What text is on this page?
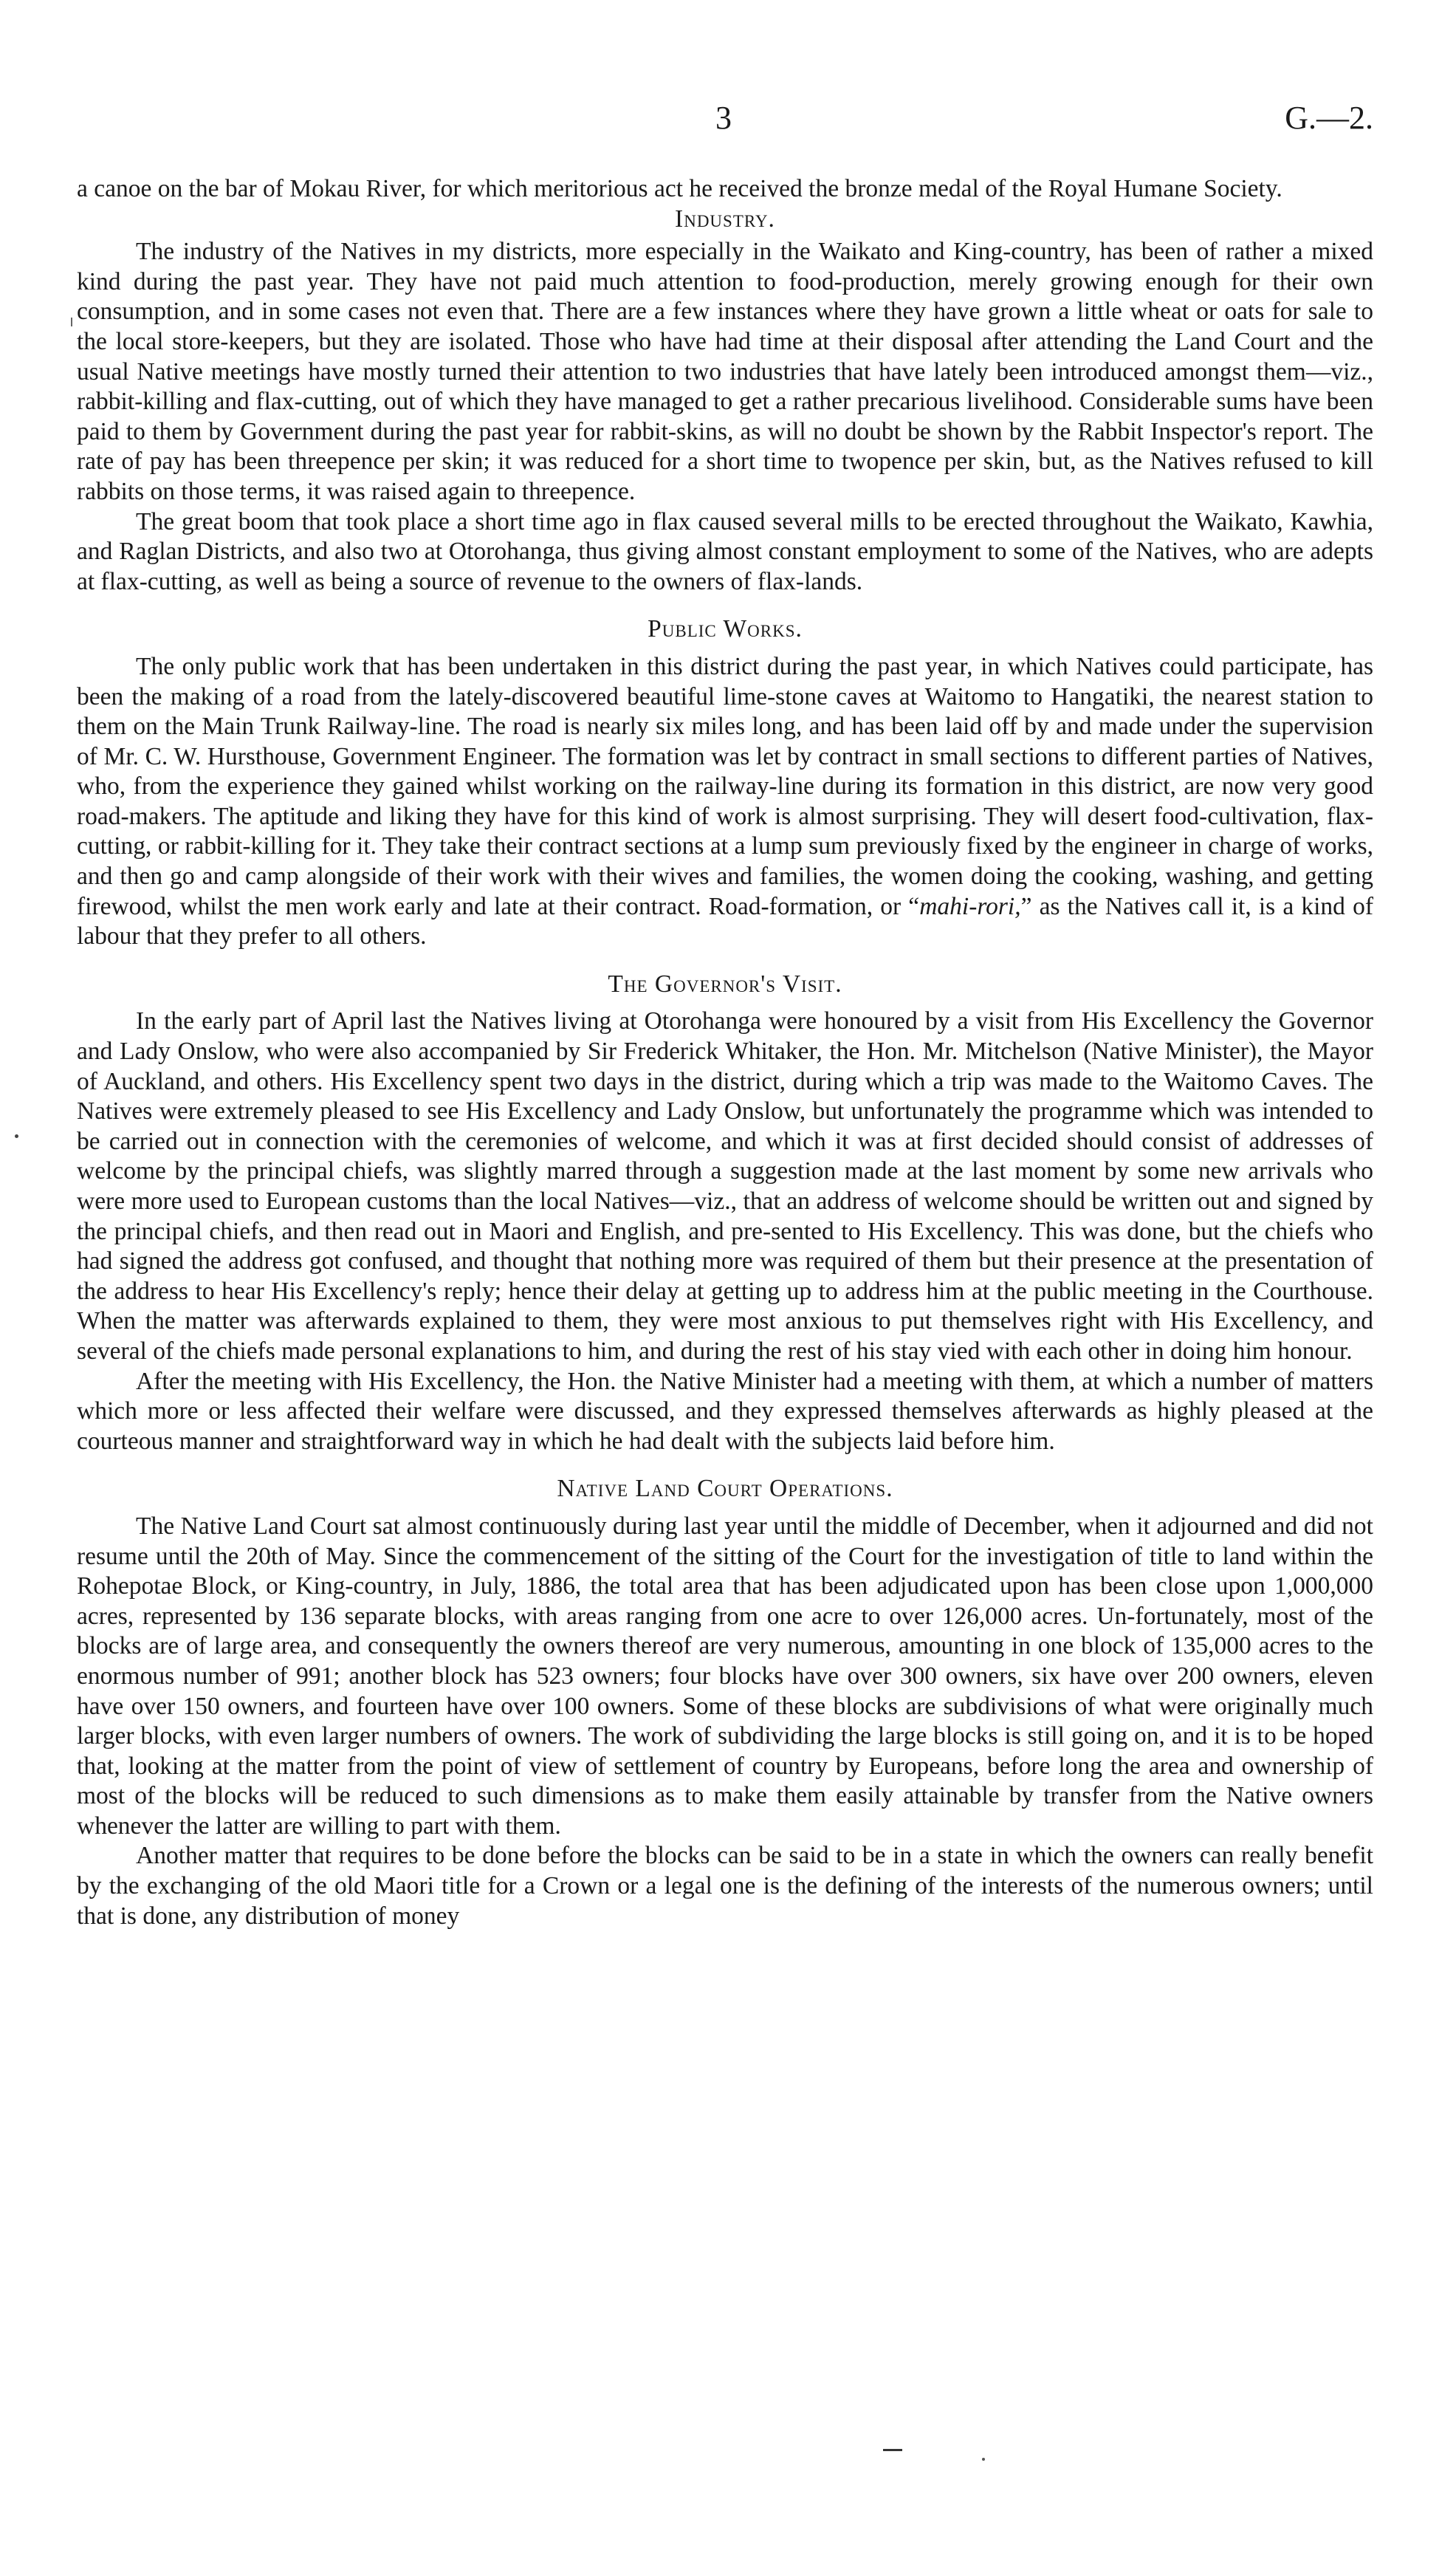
3	G.—2.

a canoe on the bar of Mokau River, for which meritorious act he received the bronze medal of the Royal Humane Society.

Industry.

The industry of the Natives in my districts, more especially in the Waikato and King-country, has been of rather a mixed kind during the past year. They have not paid much attention to food-production, merely growing enough for their own consumption, and in some cases not even that. There are a few instances where they have grown a little wheat or oats for sale to the local store-keepers, but they are isolated. Those who have had time at their disposal after attending the Land Court and the usual Native meetings have mostly turned their attention to two industries that have lately been introduced amongst them—viz., rabbit-killing and flax-cutting, out of which they have managed to get a rather precarious livelihood. Considerable sums have been paid to them by Government during the past year for rabbit-skins, as will no doubt be shown by the Rabbit Inspector's report. The rate of pay has been threepence per skin; it was reduced for a short time to twopence per skin, but, as the Natives refused to kill rabbits on those terms, it was raised again to threepence.

The great boom that took place a short time ago in flax caused several mills to be erected throughout the Waikato, Kawhia, and Raglan Districts, and also two at Otorohanga, thus giving almost constant employment to some of the Natives, who are adepts at flax-cutting, as well as being a source of revenue to the owners of flax-lands.

Public Works.

The only public work that has been undertaken in this district during the past year, in which Natives could participate, has been the making of a road from the lately-discovered beautiful lime-stone caves at Waitomo to Hangatiki, the nearest station to them on the Main Trunk Railway-line. The road is nearly six miles long, and has been laid off by and made under the supervision of Mr. C. W. Hursthouse, Government Engineer. The formation was let by contract in small sections to different parties of Natives, who, from the experience they gained whilst working on the railway-line during its formation in this district, are now very good road-makers. The aptitude and liking they have for this kind of work is almost surprising. They will desert food-cultivation, flax-cutting, or rabbit-killing for it. They take their contract sections at a lump sum previously fixed by the engineer in charge of works, and then go and camp alongside of their work with their wives and families, the women doing the cooking, washing, and getting firewood, whilst the men work early and late at their contract. Road-formation, or “mahi-rori,” as the Natives call it, is a kind of labour that they prefer to all others.

The Governor's Visit.

In the early part of April last the Natives living at Otorohanga were honoured by a visit from His Excellency the Governor and Lady Onslow, who were also accompanied by Sir Frederick Whitaker, the Hon. Mr. Mitchelson (Native Minister), the Mayor of Auckland, and others. His Excellency spent two days in the district, during which a trip was made to the Waitomo Caves. The Natives were extremely pleased to see His Excellency and Lady Onslow, but unfortunately the programme which was intended to be carried out in connection with the ceremonies of welcome, and which it was at first decided should consist of addresses of welcome by the principal chiefs, was slightly marred through a suggestion made at the last moment by some new arrivals who were more used to European customs than the local Natives—viz., that an address of welcome should be written out and signed by the principal chiefs, and then read out in Maori and English, and pre-sented to His Excellency. This was done, but the chiefs who had signed the address got confused, and thought that nothing more was required of them but their presence at the presentation of the address to hear His Excellency's reply; hence their delay at getting up to address him at the public meeting in the Courthouse. When the matter was afterwards explained to them, they were most anxious to put themselves right with His Excellency, and several of the chiefs made personal explanations to him, and during the rest of his stay vied with each other in doing him honour.

After the meeting with His Excellency, the Hon. the Native Minister had a meeting with them, at which a number of matters which more or less affected their welfare were discussed, and they expressed themselves afterwards as highly pleased at the courteous manner and straightforward way in which he had dealt with the subjects laid before him.

Native Land Court Operations.

The Native Land Court sat almost continuously during last year until the middle of December, when it adjourned and did not resume until the 20th of May. Since the commencement of the sitting of the Court for the investigation of title to land within the Rohepotae Block, or King-country, in July, 1886, the total area that has been adjudicated upon has been close upon 1,000,000 acres, represented by 136 separate blocks, with areas ranging from one acre to over 126,000 acres. Un-fortunately, most of the blocks are of large area, and consequently the owners thereof are very numerous, amounting in one block of 135,000 acres to the enormous number of 991; another block has 523 owners; four blocks have over 300 owners, six have over 200 owners, eleven have over 150 owners, and fourteen have over 100 owners. Some of these blocks are subdivisions of what were originally much larger blocks, with even larger numbers of owners. The work of subdividing the large blocks is still going on, and it is to be hoped that, looking at the matter from the point of view of settlement of country by Europeans, before long the area and ownership of most of the blocks will be reduced to such dimensions as to make them easily attainable by transfer from the Native owners whenever the latter are willing to part with them.

Another matter that requires to be done before the blocks can be said to be in a state in which the owners can really benefit by the exchanging of the old Maori title for a Crown or a legal one is the defining of the interests of the numerous owners; until that is done, any distribution of money
